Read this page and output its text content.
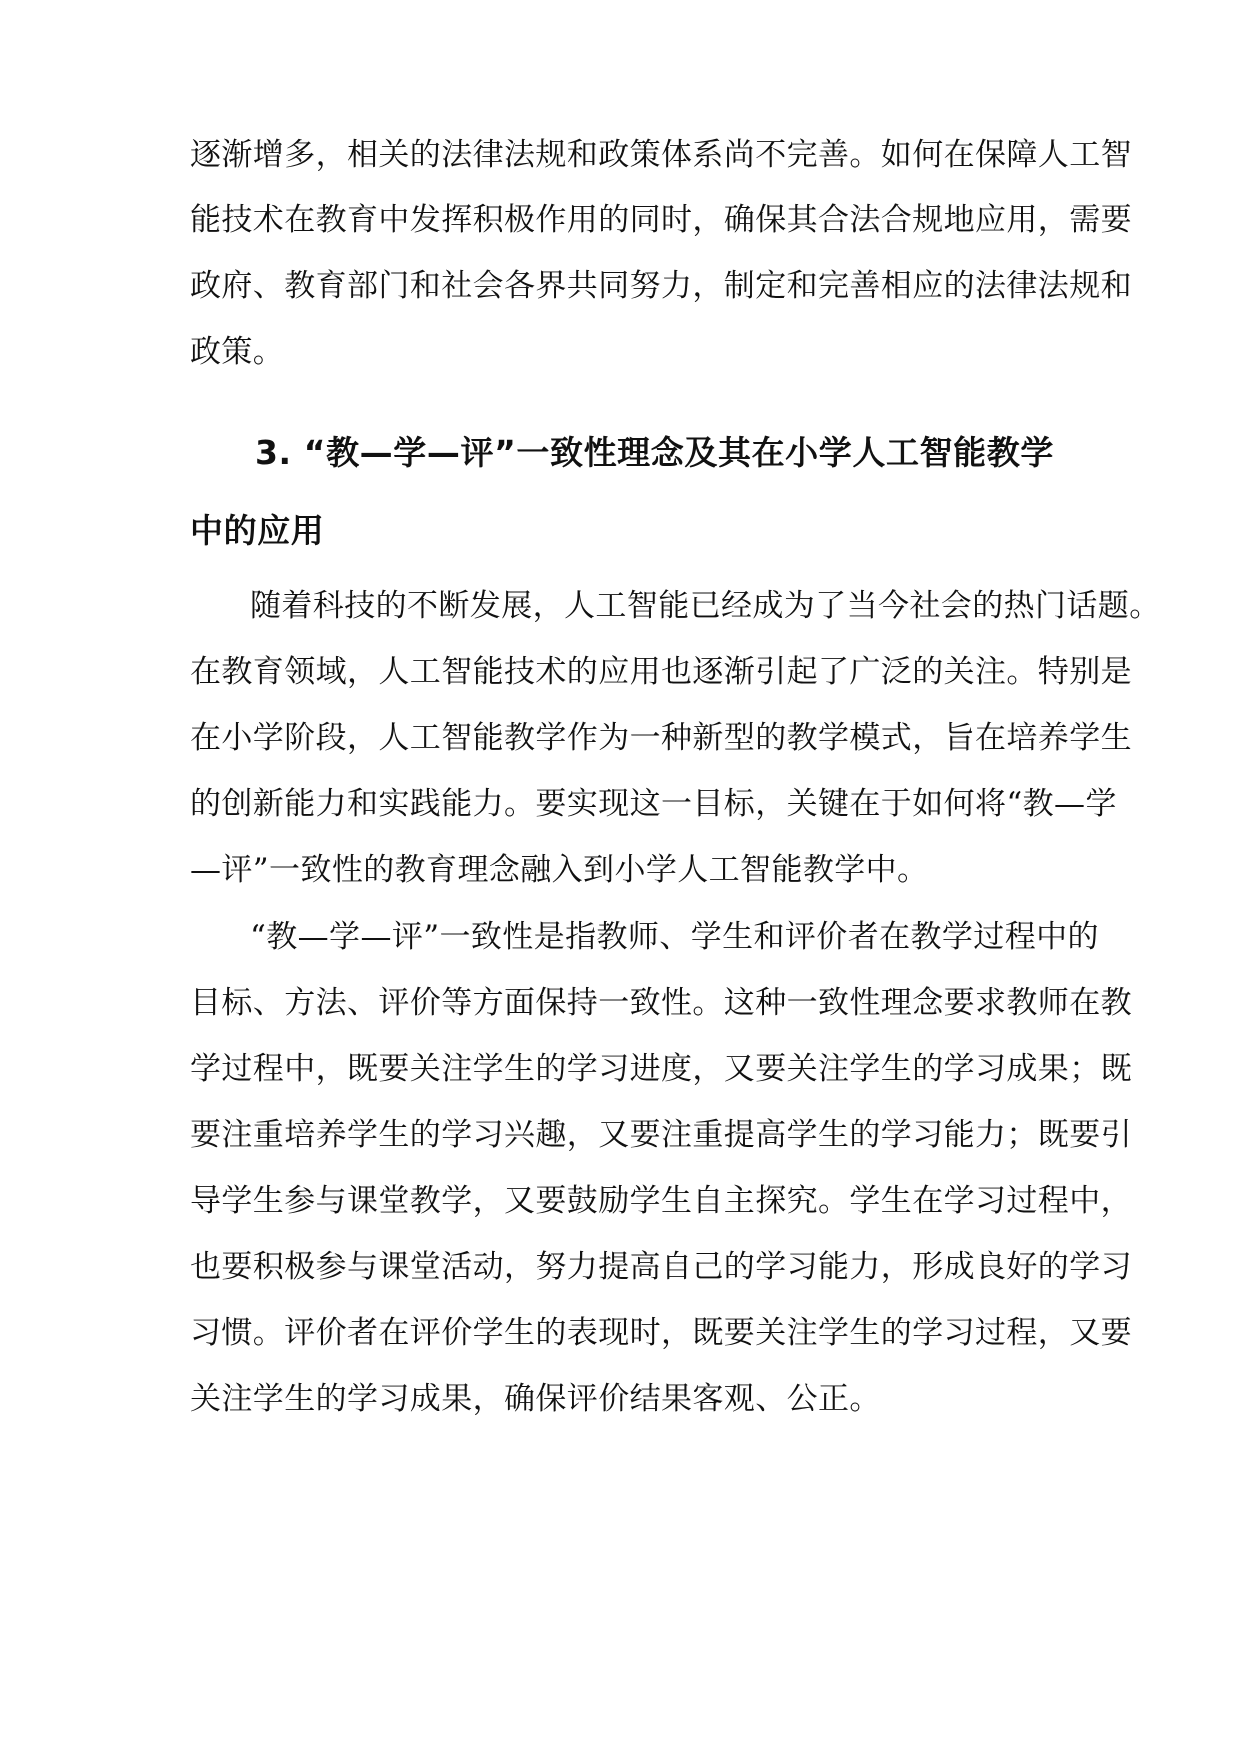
逐渐增多，相关的法律法规和政策体系尚不完善。如何在保障人工智
能技术在教育中发挥积极作用的同时，确保其合法合规地应用，需要
政府、教育部门和社会各界共同努力，制定和完善相应的法律法规和
政策。
3. “教—学—评”一致性理念及其在小学人工智能教学
中的应用
随着科技的不断发展，人工智能已经成为了当今社会的热门话题。
在教育领域，人工智能技术的应用也逐渐引起了广泛的关注。特别是
在小学阶段，人工智能教学作为一种新型的教学模式，旨在培养学生
的创新能力和实践能力。要实现这一目标，关键在于如何将“教—学
—评”一致性的教育理念融入到小学人工智能教学中。
“教—学—评”一致性是指教师、学生和评价者在教学过程中的
目标、方法、评价等方面保持一致性。这种一致性理念要求教师在教
学过程中，既要关注学生的学习进度，又要关注学生的学习成果；既
要注重培养学生的学习兴趣，又要注重提高学生的学习能力；既要引
导学生参与课堂教学，又要鼓励学生自主探究。学生在学习过程中，
也要积极参与课堂活动，努力提高自己的学习能力，形成良好的学习
习惯。评价者在评价学生的表现时，既要关注学生的学习过程，又要
关注学生的学习成果，确保评价结果客观、公正。
